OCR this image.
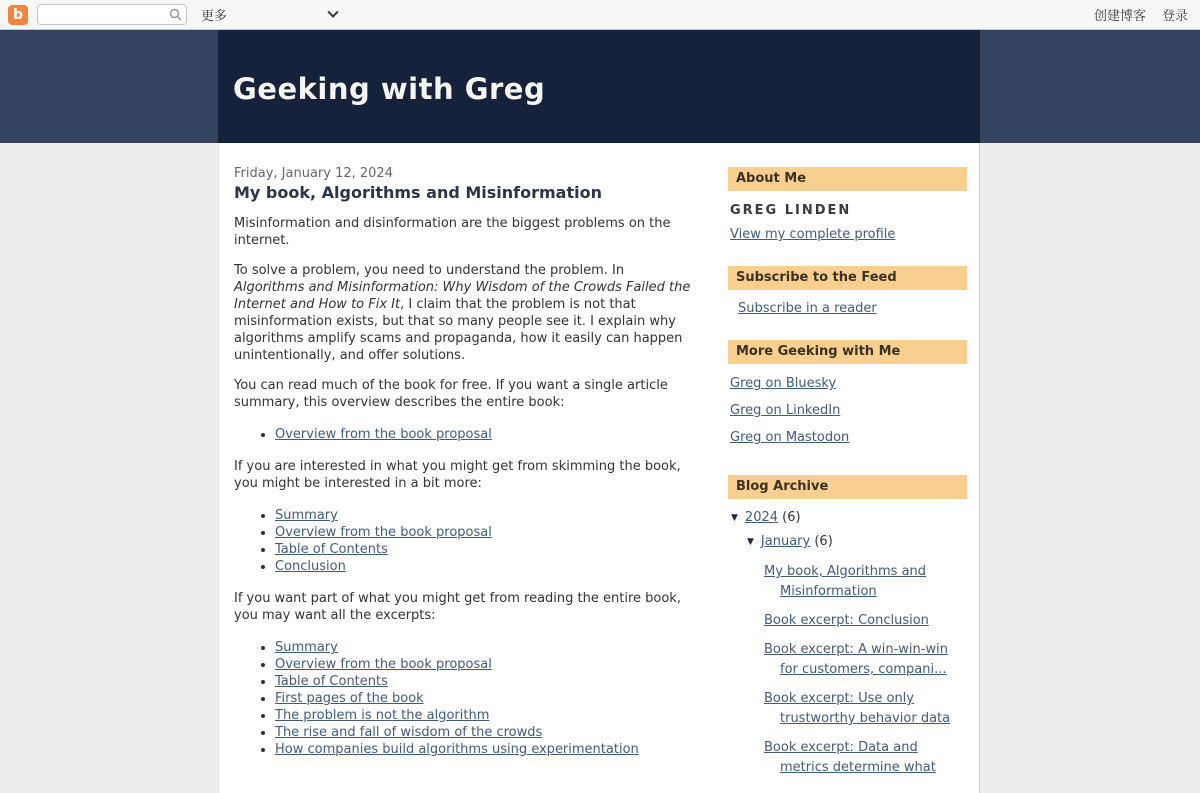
b	更多	创建博客 登录
Geeking with Greg
Friday, January 12, 2024
My book, Algorithms and Misinformation

Misinformation and disinformation are the biggest problems on the internet.

To solve a problem, you need to understand the problem. In Algorithms and Misinformation: Why Wisdom of the Crowds Failed the Internet and How to Fix It, I claim that the problem is not that misinformation exists, but that so many people see it. I explain why algorithms amplify scams and propaganda, how it easily can happen unintentionally, and offer solutions.

You can read much of the book for free. If you want a single article summary, this overview describes the entire book:

• Overview from the book proposal

If you are interested in what you might get from skimming the book, you might be interested in a bit more:

• Summary
• Overview from the book proposal
• Table of Contents
• Conclusion

If you want part of what you might get from reading the entire book, you may want all the excerpts:

• Summary
• Overview from the book proposal
• Table of Contents
• First pages of the book
• The problem is not the algorithm
• The rise and fall of wisdom of the crowds
• How companies build algorithms using experimentation
About Me
GREG LINDEN
View my complete profile
Subscribe to the Feed
Subscribe in a reader
More Geeking with Me
Greg on Bluesky
Greg on LinkedIn
Greg on Mastodon
Blog Archive
▼ 2024 (6)
▼ January (6)
My book, Algorithms and Misinformation
Book excerpt: Conclusion
Book excerpt: A win-win-win for customers, compani...
Book excerpt: Use only trustworthy behavior data
Book excerpt: Data and metrics determine what
